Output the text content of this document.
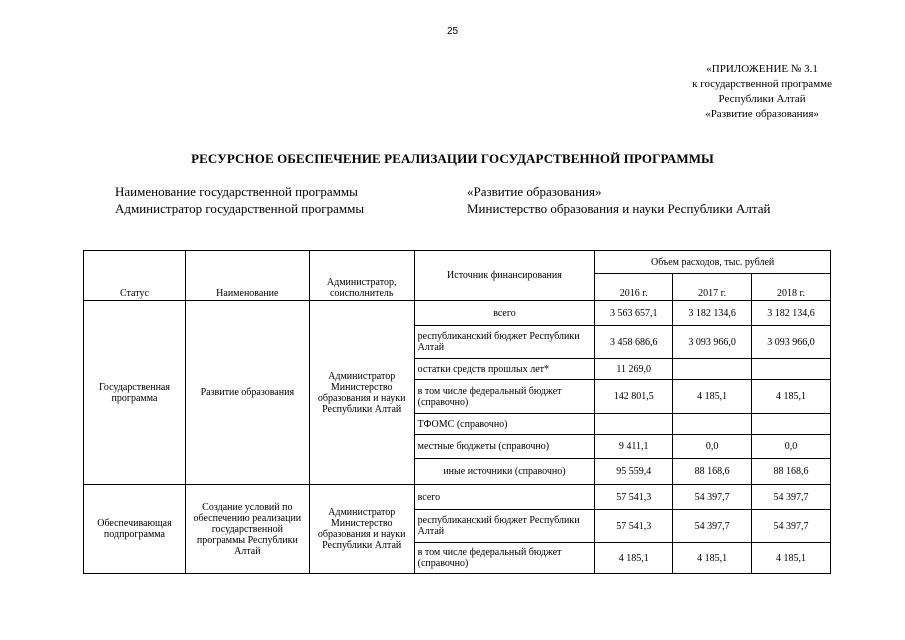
25
«ПРИЛОЖЕНИЕ № 3.1
к государственной программе
Республики Алтай
«Развитие образования»
РЕСУРСНОЕ ОБЕСПЕЧЕНИЕ РЕАЛИЗАЦИИ ГОСУДАРСТВЕННОЙ ПРОГРАММЫ
Наименование государственной программы	«Развитие образования»
Администратор государственной программы	Министерство образования и науки Республики Алтай
Статус	Наименование	Администратор, соисполнитель	Источник финансирования	Объем расходов, тыс. рублей		
				2016 г.	2017 г.	2018 г.
Государственная программа	Развитие образования	Администратор Министерство образования и науки Республики Алтай	всего	3 563 657,1	3 182 134,6	3 182 134,6
			республиканский бюджет Республики Алтай	3 458 686,6	3 093 966,0	3 093 966,0
			остатки средств прошлых лет*	11 269,0		
			в том числе федеральный бюджет (справочно)	142 801,5	4 185,1	4 185,1
			ТФОМС (справочно)			
			местные бюджеты (справочно)	9 411,1	0,0	0,0
			иные источники (справочно)	95 559,4	88 168,6	88 168,6
Обеспечивающая подпрограмма	Создание условий по обеспечению реализации государственной программы Республики Алтай	Администратор Министерство образования и науки Республики Алтай	всего	57 541,3	54 397,7	54 397,7
			республиканский бюджет Республики Алтай	57 541,3	54 397,7	54 397,7
			в том числе федеральный бюджет (справочно)	4 185,1	4 185,1	4 185,1
